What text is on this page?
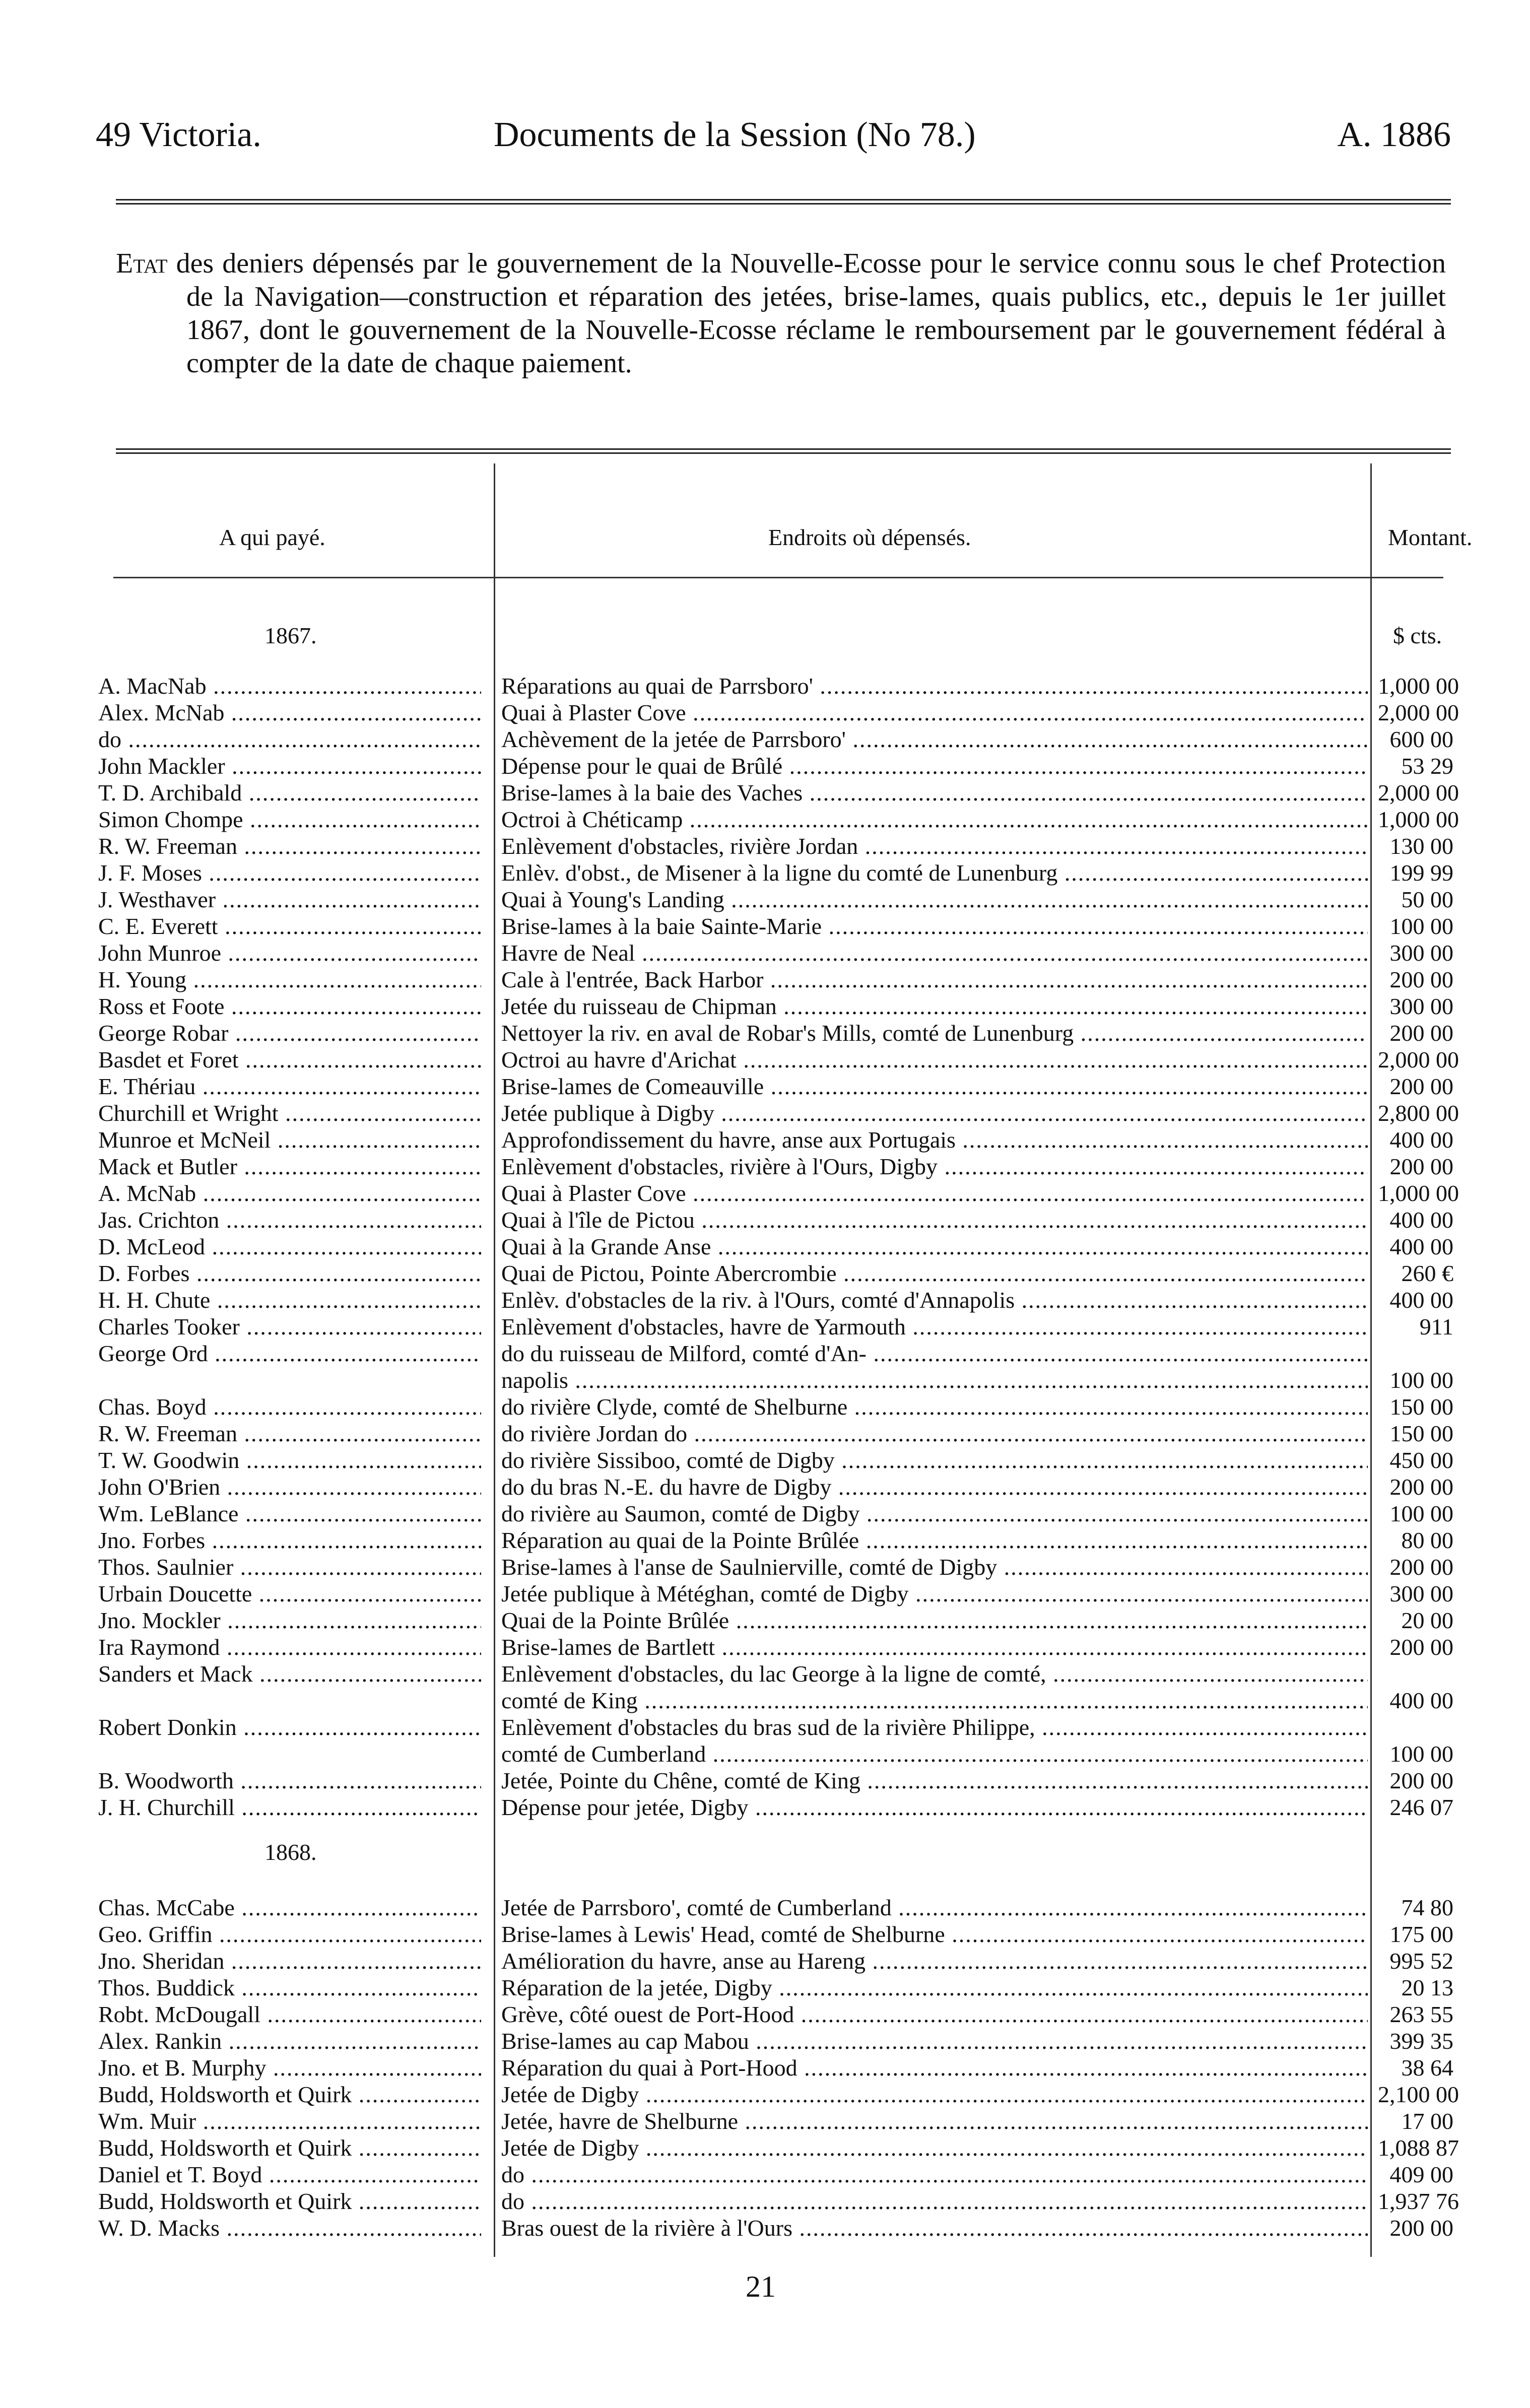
49 Victoria.	Documents de la Session (No 78.)	A. 1886

Etat des deniers dépensés par le gouvernement de la Nouvelle-Ecosse pour le service connu sous le chef Protection de la Navigation—construction et réparation des jetées, brise-lames, quais publics, etc., depuis le 1er juillet 1867, dont le gouvernement de la Nouvelle-Ecosse réclame le remboursement par le gouvernement fédéral à compter de la date de chaque paiement.

A qui payé.	Endroits où dépensés.	Montant.
1867.	$ cts.
A. MacNab .....	Réparations au quai de Parrsboro' .....	1,000 00
Alex. McNab .....	Quai à Plaster Cove .....	2,000 00
do .....	Achèvement de la jetée de Parrsboro' .....	600 00
John Mackler .....	Dépense pour le quai de Brûlé .....	53 29
T. D. Archibald .....	Brise-lames à la baie des Vaches .....	2,000 00
Simon Chompe .....	Octroi à Chéticamp .....	1,000 00
R. W. Freeman .....	Enlèvement d'obstacles, rivière Jordan .....	130 00
J. F. Moses .....	Enlèv. d'obst., de Misener à la ligne du comté de Lunenburg .....	199 99
J. Westhaver .....	Quai à Young's Landing .....	50 00
C. E. Everett .....	Brise-lames à la baie Sainte-Marie .....	100 00
John Munroe .....	Havre de Neal .....	300 00
H. Young .....	Cale à l'entrée, Back Harbor .....	200 00
Ross et Foote .....	Jetée du ruisseau de Chipman .....	300 00
George Robar .....	Nettoyer la riv. en aval de Robar's Mills, comté de Lunenburg .....	200 00
Basdet et Foret .....	Octroi au havre d'Arichat .....	2,000 00
E. Thériau .....	Brise-lames de Comeauville .....	200 00
Churchill et Wright .....	Jetée publique à Digby .....	2,800 00
Munroe et McNeil .....	Approfondissement du havre, anse aux Portugais .....	400 00
Mack et Butler .....	Enlèvement d'obstacles, rivière à l'Ours, Digby .....	200 00
A. McNab .....	Quai à Plaster Cove .....	1,000 00
Jas. Crichton .....	Quai à l'île de Pictou .....	400 00
D. McLeod .....	Quai à la Grande Anse .....	400 00
D. Forbes .....	Quai de Pictou, Pointe Abercrombie .....	260 €
H. H. Chute .....	Enlèv. d'obstacles de la riv. à l'Ours, comté d'Annapolis .....	400 00
Charles Tooker .....	Enlèvement d'obstacles, havre de Yarmouth .....	911
George Ord .....	do du ruisseau de Milford, comté d'An- .....
napolis .....	100 00
Chas. Boyd .....	do rivière Clyde, comté de Shelburne .....	150 00
R. W. Freeman .....	do rivière Jordan do .....	150 00
T. W. Goodwin .....	do rivière Sissiboo, comté de Digby .....	450 00
John O'Brien .....	do du bras N.-E. du havre de Digby .....	200 00
Wm. LeBlance .....	do rivière au Saumon, comté de Digby .....	100 00
Jno. Forbes .....	Réparation au quai de la Pointe Brûlée .....	80 00
Thos. Saulnier .....	Brise-lames à l'anse de Saulnierville, comté de Digby .....	200 00
Urbain Doucette .....	Jetée publique à Météghan, comté de Digby .....	300 00
Jno. Mockler .....	Quai de la Pointe Brûlée .....	20 00
Ira Raymond .....	Brise-lames de Bartlett .....	200 00
Sanders et Mack .....	Enlèvement d'obstacles, du lac George à la ligne de comté, .....
comté de King .....	400 00
Robert Donkin .....	Enlèvement d'obstacles du bras sud de la rivière Philippe, .....
comté de Cumberland .....	100 00
B. Woodworth .....	Jetée, Pointe du Chêne, comté de King .....	200 00
J. H. Churchill .....	Dépense pour jetée, Digby .....	246 07
1868.
Chas. McCabe .....	Jetée de Parrsboro', comté de Cumberland .....	74 80
Geo. Griffin .....	Brise-lames à Lewis' Head, comté de Shelburne .....	175 00
Jno. Sheridan .....	Amélioration du havre, anse au Hareng .....	995 52
Thos. Buddick .....	Réparation de la jetée, Digby .....	20 13
Robt. McDougall .....	Grève, côté ouest de Port-Hood .....	263 55
Alex. Rankin .....	Brise-lames au cap Mabou .....	399 35
Jno. et B. Murphy .....	Réparation du quai à Port-Hood .....	38 64
Budd, Holdsworth et Quirk .....	Jetée de Digby .....	2,100 00
Wm. Muir .....	Jetée, havre de Shelburne .....	17 00
Budd, Holdsworth et Quirk .....	Jetée de Digby .....	1,088 87
Daniel et T. Boyd .....	do .....	409 00
Budd, Holdsworth et Quirk .....	do .....	1,937 76
W. D. Macks .....	Bras ouest de la rivière à l'Ours .....	200 00
21
